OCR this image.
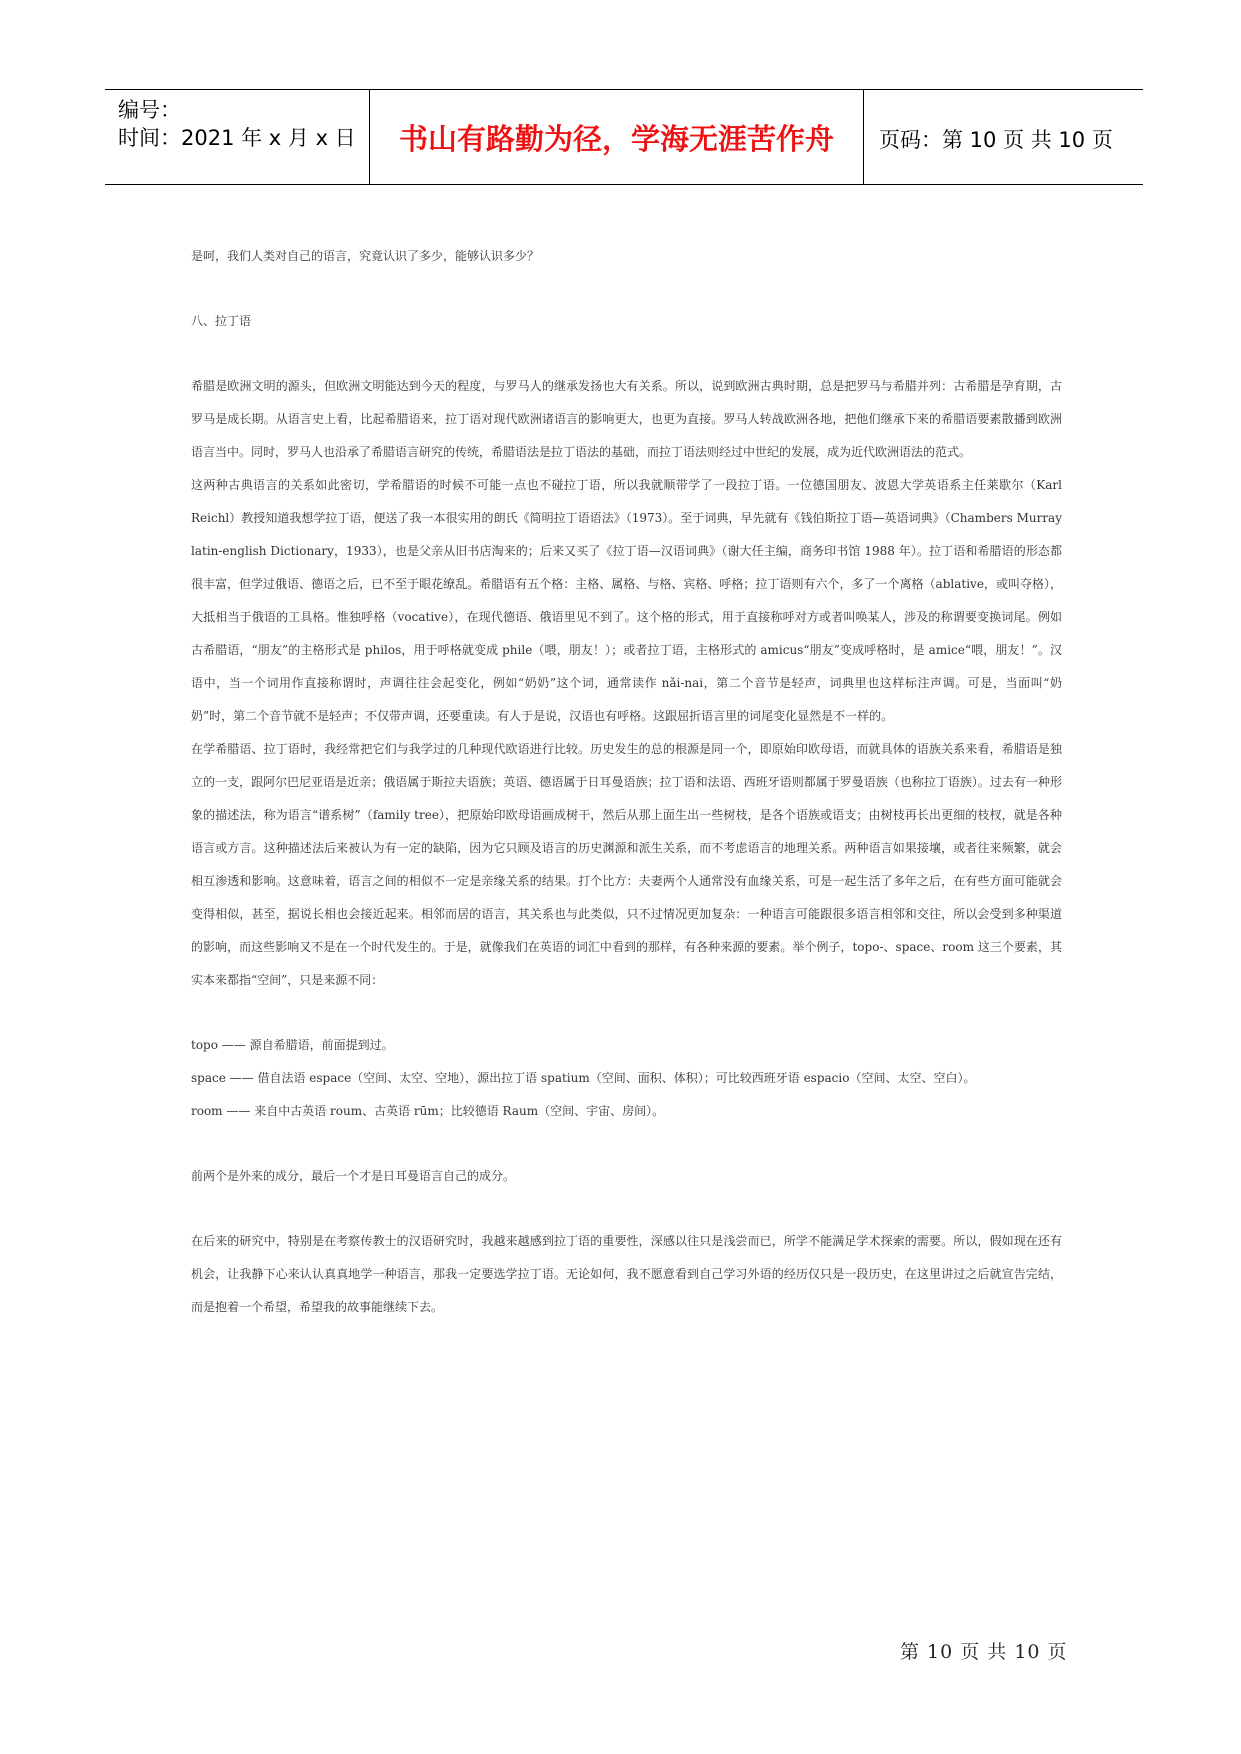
编号：
时间：2021 年 x 月 x 日	书山有路勤为径，学海无涯苦作舟	页码：第 10 页 共 10 页

是呵，我们人类对自己的语言，究竟认识了多少，能够认识多少？

八、拉丁语

希腊是欧洲文明的源头，但欧洲文明能达到今天的程度，与罗马人的继承发扬也大有关系。所以，说到欧洲古典时期，总是把罗马与希腊并列：古希腊是孕育期，古罗马是成长期。从语言史上看，比起希腊语来，拉丁语对现代欧洲诸语言的影响更大，也更为直接。罗马人转战欧洲各地，把他们继承下来的希腊语要素散播到欧洲语言当中。同时，罗马人也沿承了希腊语言研究的传统，希腊语法是拉丁语法的基础，而拉丁语法则经过中世纪的发展，成为近代欧洲语法的范式。

这两种古典语言的关系如此密切，学希腊语的时候不可能一点也不碰拉丁语，所以我就顺带学了一段拉丁语。一位德国朋友、波恩大学英语系主任莱歇尔（Karl Reichl）教授知道我想学拉丁语，便送了我一本很实用的朗氏《简明拉丁语语法》（1973）。至于词典，早先就有《钱伯斯拉丁语—英语词典》（Chambers Murray latin-english Dictionary，1933），也是父亲从旧书店淘来的；后来又买了《拉丁语—汉语词典》（谢大任主编，商务印书馆 1988 年）。拉丁语和希腊语的形态都很丰富，但学过俄语、德语之后，已不至于眼花缭乱。希腊语有五个格：主格、属格、与格、宾格、呼格；拉丁语则有六个，多了一个离格（ablative，或叫夺格），大抵相当于俄语的工具格。惟独呼格（vocative），在现代德语、俄语里见不到了。这个格的形式，用于直接称呼对方或者叫唤某人，涉及的称谓要变换词尾。例如古希腊语，“朋友”的主格形式是 philos，用于呼格就变成 phile（喂，朋友！）；或者拉丁语，主格形式的 amicus“朋友”变成呼格时，是 amice“喂，朋友！”。汉语中，当一个词用作直接称谓时，声调往往会起变化，例如“奶奶”这个词，通常读作 nǎi-nai，第二个音节是轻声，词典里也这样标注声调。可是，当面叫“奶奶”时，第二个音节就不是轻声；不仅带声调，还要重读。有人于是说，汉语也有呼格。这跟屈折语言里的词尾变化显然是不一样的。

在学希腊语、拉丁语时，我经常把它们与我学过的几种现代欧语进行比较。历史发生的总的根源是同一个，即原始印欧母语，而就具体的语族关系来看，希腊语是独立的一支，跟阿尔巴尼亚语是近亲；俄语属于斯拉夫语族；英语、德语属于日耳曼语族；拉丁语和法语、西班牙语则都属于罗曼语族（也称拉丁语族）。过去有一种形象的描述法，称为语言“谱系树”（family tree），把原始印欧母语画成树干，然后从那上面生出一些树枝，是各个语族或语支；由树枝再长出更细的枝杈，就是各种语言或方言。这种描述法后来被认为有一定的缺陷，因为它只顾及语言的历史渊源和派生关系，而不考虑语言的地理关系。两种语言如果接壤，或者往来频繁，就会相互渗透和影响。这意味着，语言之间的相似不一定是亲缘关系的结果。打个比方：夫妻两个人通常没有血缘关系，可是一起生活了多年之后，在有些方面可能就会变得相似，甚至，据说长相也会接近起来。相邻而居的语言，其关系也与此类似，只不过情况更加复杂：一种语言可能跟很多语言相邻和交往，所以会受到多种渠道的影响，而这些影响又不是在一个时代发生的。于是，就像我们在英语的词汇中看到的那样，有各种来源的要素。举个例子，topo-、space、room 这三个要素，其实本来都指“空间”，只是来源不同：

topo —— 源自希腊语，前面提到过。

space —— 借自法语 espace（空间、太空、空地），源出拉丁语 spatium（空间、面积、体积）；可比较西班牙语 espacio（空间、太空、空白）。

room —— 来自中古英语 roum、古英语 rūm；比较德语 Raum（空间、宇宙、房间）。

前两个是外来的成分，最后一个才是日耳曼语言自己的成分。

在后来的研究中，特别是在考察传教士的汉语研究时，我越来越感到拉丁语的重要性，深感以往只是浅尝而已，所学不能满足学术探索的需要。所以，假如现在还有机会，让我静下心来认认真真地学一种语言，那我一定要选学拉丁语。无论如何，我不愿意看到自己学习外语的经历仅只是一段历史，在这里讲过之后就宣告完结，而是抱着一个希望，希望我的故事能继续下去。

第 10 页 共 10 页
